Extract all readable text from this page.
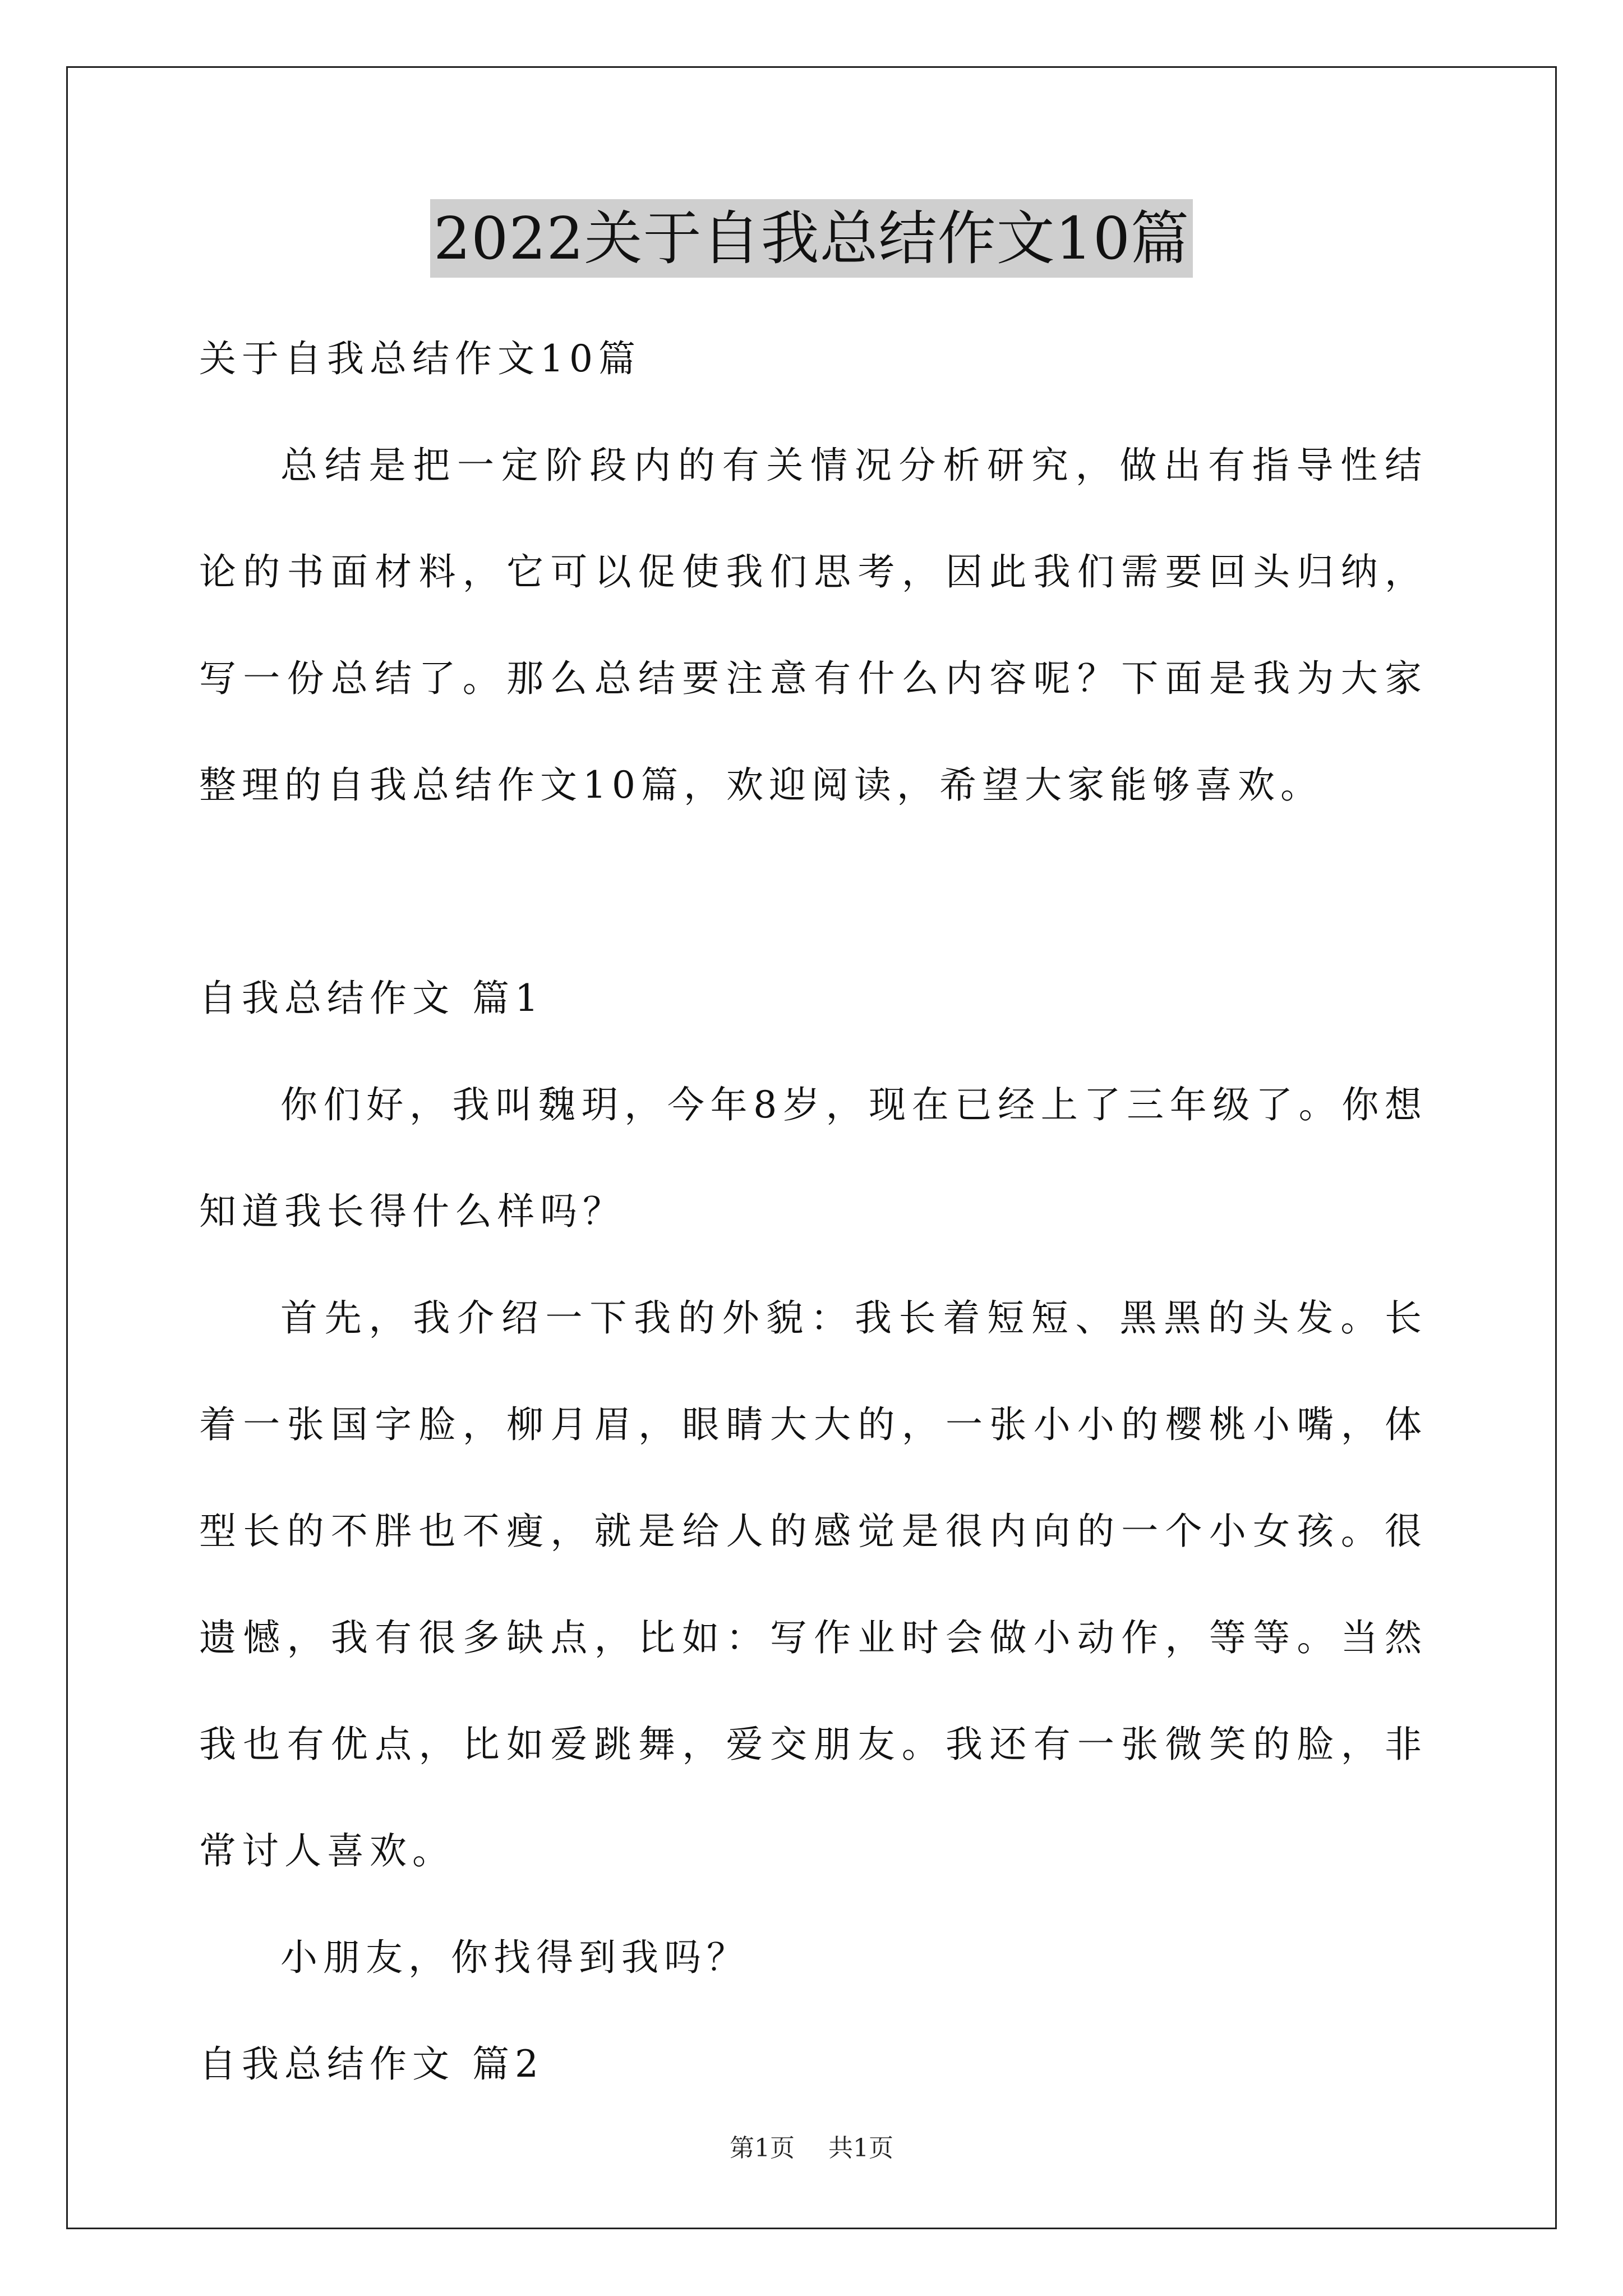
2022关于自我总结作文10篇

关于自我总结作文10篇

总结是把一定阶段内的有关情况分析研究，做出有指导性结论的书面材料，它可以促使我们思考，因此我们需要回头归纳，写一份总结了。那么总结要注意有什么内容呢？下面是我为大家整理的自我总结作文10篇，欢迎阅读，希望大家能够喜欢。

自我总结作文 篇1

你们好，我叫魏玥，今年8岁，现在已经上了三年级了。你想知道我长得什么样吗？

首先，我介绍一下我的外貌：我长着短短、黑黑的头发。长着一张国字脸，柳月眉，眼睛大大的，一张小小的樱桃小嘴，体型长的不胖也不瘦，就是给人的感觉是很内向的一个小女孩。很遗憾，我有很多缺点，比如：写作业时会做小动作，等等。当然我也有优点，比如爱跳舞，爱交朋友。我还有一张微笑的脸，非常讨人喜欢。

小朋友，你找得到我吗？

自我总结作文 篇2

第1页 共1页
